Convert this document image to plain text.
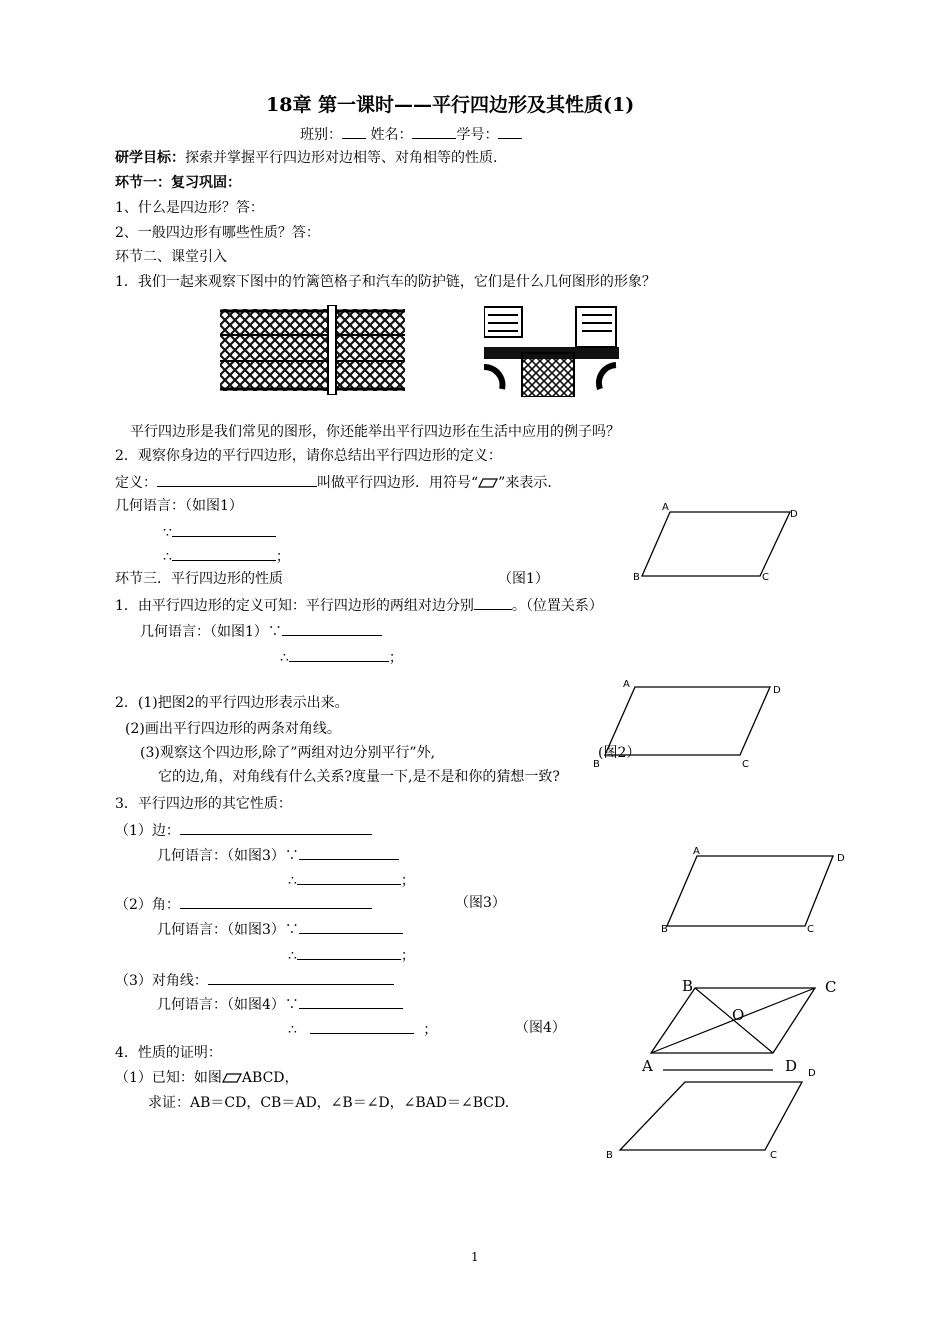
18章 第一课时——平行四边形及其性质(1)
班别： 姓名：	学号：
研学目标：探索并掌握平行四边形对边相等、对角相等的性质.
环节一：复习巩固：
1、什么是四边形？答：
2、一般四边形有哪些性质？答：
环节二、课堂引入
1．我们一起来观察下图中的竹篱笆格子和汽车的防护链，它们是什么几何图形的形象？
平行四边形是我们常见的图形，你还能举出平行四边形在生活中应用的例子吗？
2．观察你身边的平行四边形，请你总结出平行四边形的定义：
定义：	叫做平行四边形．用符号“ ”来表示．
几何语言：（如图1）
∵
∴	；
A
D
B	C
环节三．平行四边形的性质	（图1）
1．由平行四边形的定义可知：平行四边形的两组对边分别	。（位置关系）
几何语言：（如图1）∵
∴	；
A
D
B	C
2．(1)把图2的平行四边形表示出来。
(2)画出平行四边形的两条对角线。
(3)观察这个四边形,除了”两组对边分别平行”外,	(图2）
它的边,角，对角线有什么关系?度量一下,是不是和你的猜想一致?
3．平行四边形的其它性质：
（1）边：
几何语言：（如图3）∵
∴	；
A
D
B	C
（2）角：	（图3）
几何语言：（如图3）∵
∴	；
（3）对角线：
几何语言：（如图4）∵
∴	；	（图4）
B	C
O
A	D
4．性质的证明：
（1）已知：如图 ABCD，
求证：AB＝CD，CB＝AD，∠B＝∠D，∠BAD＝∠BCD.
D
B	C
1
